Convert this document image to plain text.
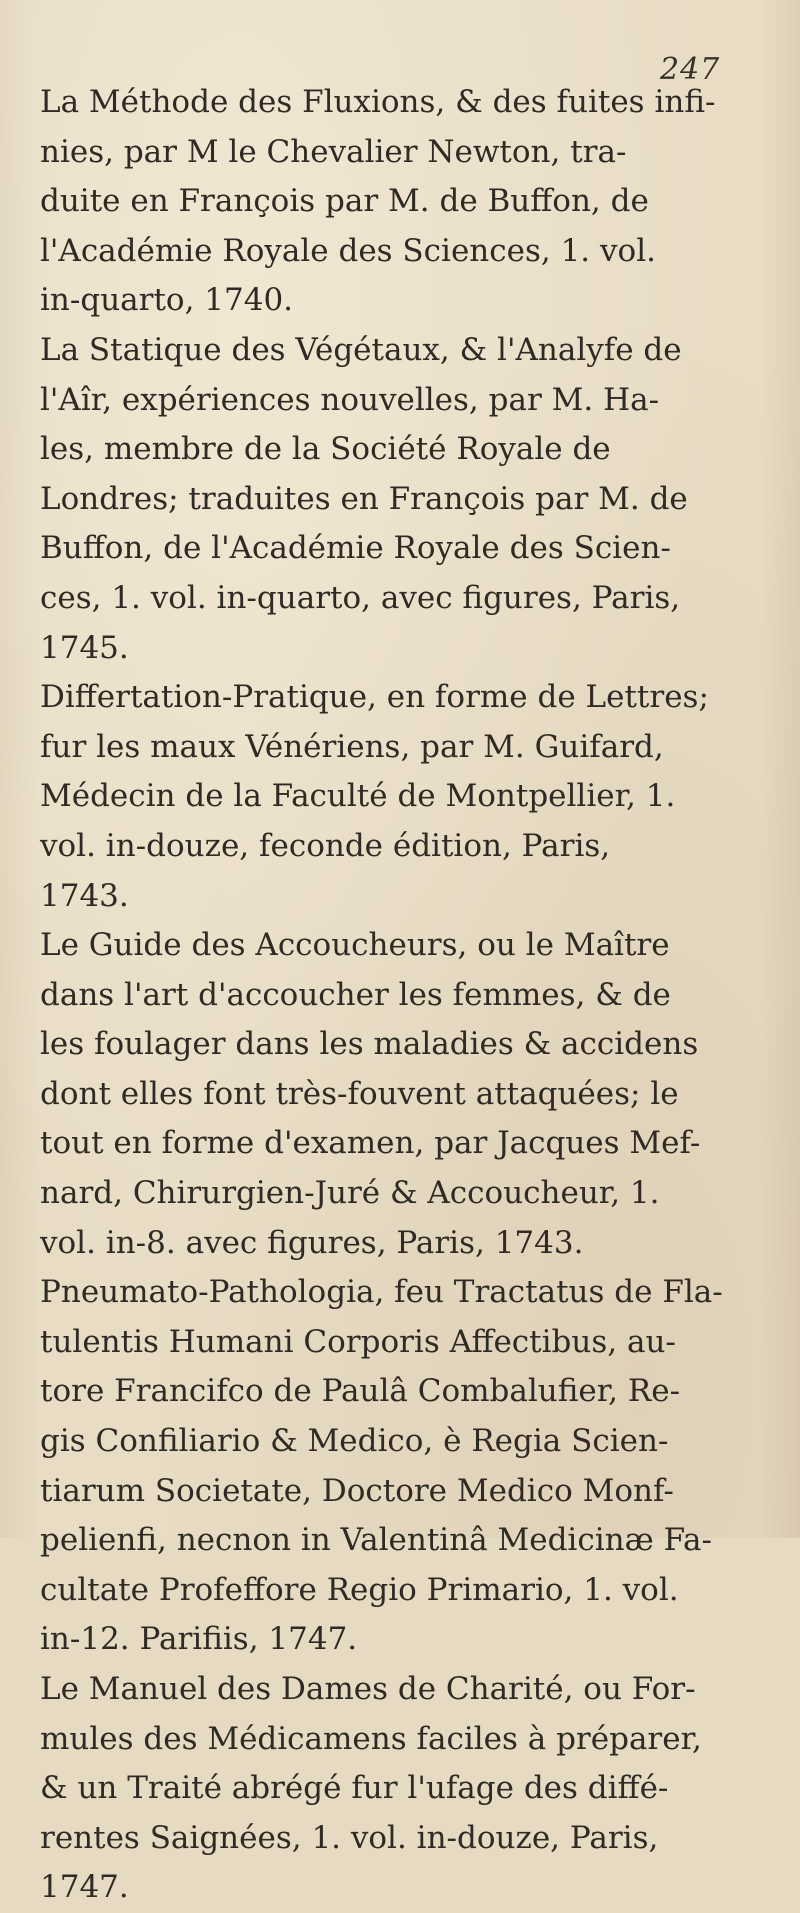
247

La Méthode des Fluxions, & des fuites infi-
nies, par M le Chevalier Newton, tra-
duite en François par M. de Buffon, de
l'Académie Royale des Sciences, 1. vol.
in-quarto, 1740.

La Statique des Végétaux, & l'Analyfe de
l'Aîr, expériences nouvelles, par M. Ha-
les, membre de la Société Royale de
Londres; traduites en François par M. de
Buffon, de l'Académie Royale des Scien-
ces, 1. vol. in-quarto, avec figures, Paris,
1745.

Differtation-Pratique, en forme de Lettres;
fur les maux Vénériens, par M. Guifard,
Médecin de la Faculté de Montpellier, 1.
vol. in-douze, feconde édition, Paris,
1743.

Le Guide des Accoucheurs, ou le Maître
dans l'art d'accoucher les femmes, & de
les foulager dans les maladies & accidens
dont elles font très-fouvent attaquées; le
tout en forme d'examen, par Jacques Mef-
nard, Chirurgien-Juré & Accoucheur, 1.
vol. in-8. avec figures, Paris, 1743.

Pneumato-Pathologia, feu Tractatus de Fla-
tulentis Humani Corporis Affectibus, au-
tore Francifco de Paulâ Combalufier, Re-
gis Confiliario & Medico, è Regia Scien-
tiarum Societate, Doctore Medico Monf-
pelienfi, necnon in Valentinâ Medicinæ Fa-
cultate Profeffore Regio Primario, 1. vol.
in-12. Parifiis, 1747.

Le Manuel des Dames de Charité, ou For-
mules des Médicamens faciles à préparer,
& un Traité abrégé fur l'ufage des diffé-
rentes Saignées, 1. vol. in-douze, Paris,
1747.
